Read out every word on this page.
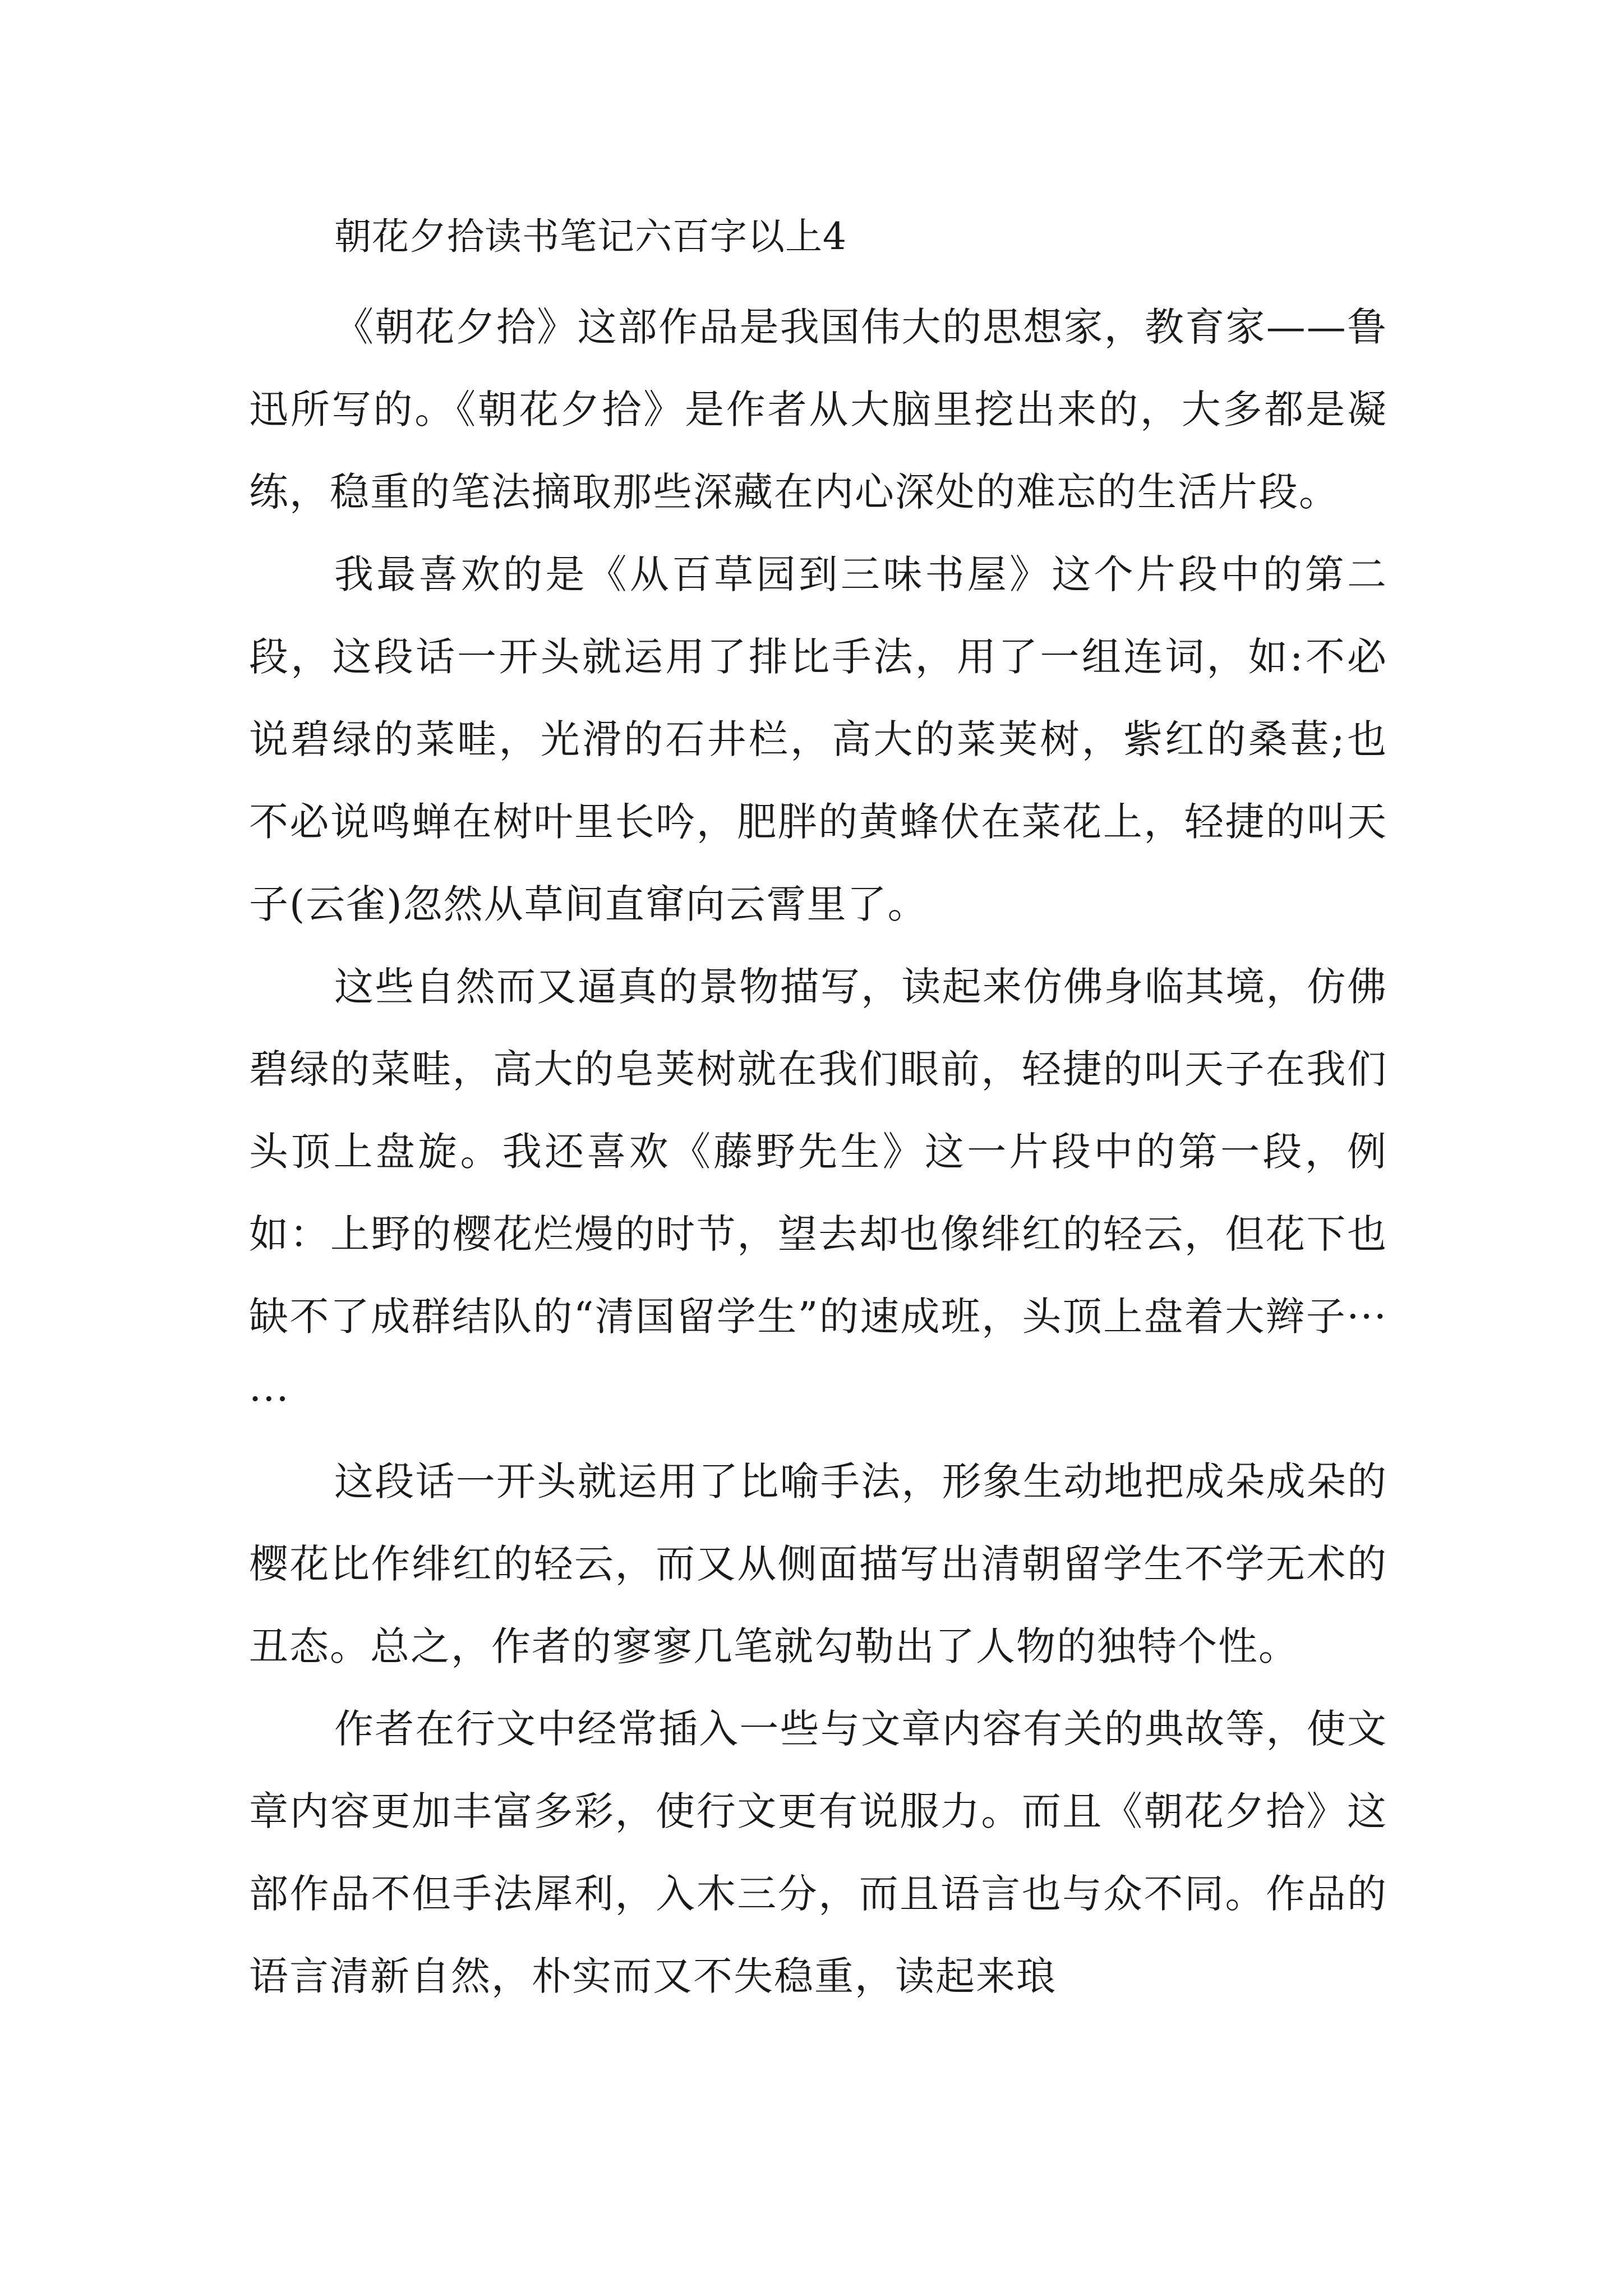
朝花夕拾读书笔记六百字以上4

《朝花夕拾》这部作品是我国伟大的思想家，教育家——鲁迅所写的。《朝花夕拾》是作者从大脑里挖出来的，大多都是凝练，稳重的笔法摘取那些深藏在内心深处的难忘的生活片段。

我最喜欢的是《从百草园到三味书屋》这个片段中的第二段，这段话一开头就运用了排比手法，用了一组连词，如:不必说碧绿的菜畦，光滑的石井栏，高大的菜荚树，紫红的桑葚;也不必说鸣蝉在树叶里长吟，肥胖的黄蜂伏在菜花上，轻捷的叫天子(云雀)忽然从草间直窜向云霄里了。

这些自然而又逼真的景物描写，读起来仿佛身临其境，仿佛碧绿的菜畦，高大的皂荚树就在我们眼前，轻捷的叫天子在我们头顶上盘旋。我还喜欢《藤野先生》这一片段中的第一段，例如：上野的樱花烂熳的时节，望去却也像绯红的轻云，但花下也缺不了成群结队的“清国留学生”的速成班，头顶上盘着大辫子······

这段话一开头就运用了比喻手法，形象生动地把成朵成朵的樱花比作绯红的轻云，而又从侧面描写出清朝留学生不学无术的丑态。总之，作者的寥寥几笔就勾勒出了人物的独特个性。

作者在行文中经常插入一些与文章内容有关的典故等，使文章内容更加丰富多彩，使行文更有说服力。而且《朝花夕拾》这部作品不但手法犀利，入木三分，而且语言也与众不同。作品的语言清新自然，朴实而又不失稳重，读起来琅
